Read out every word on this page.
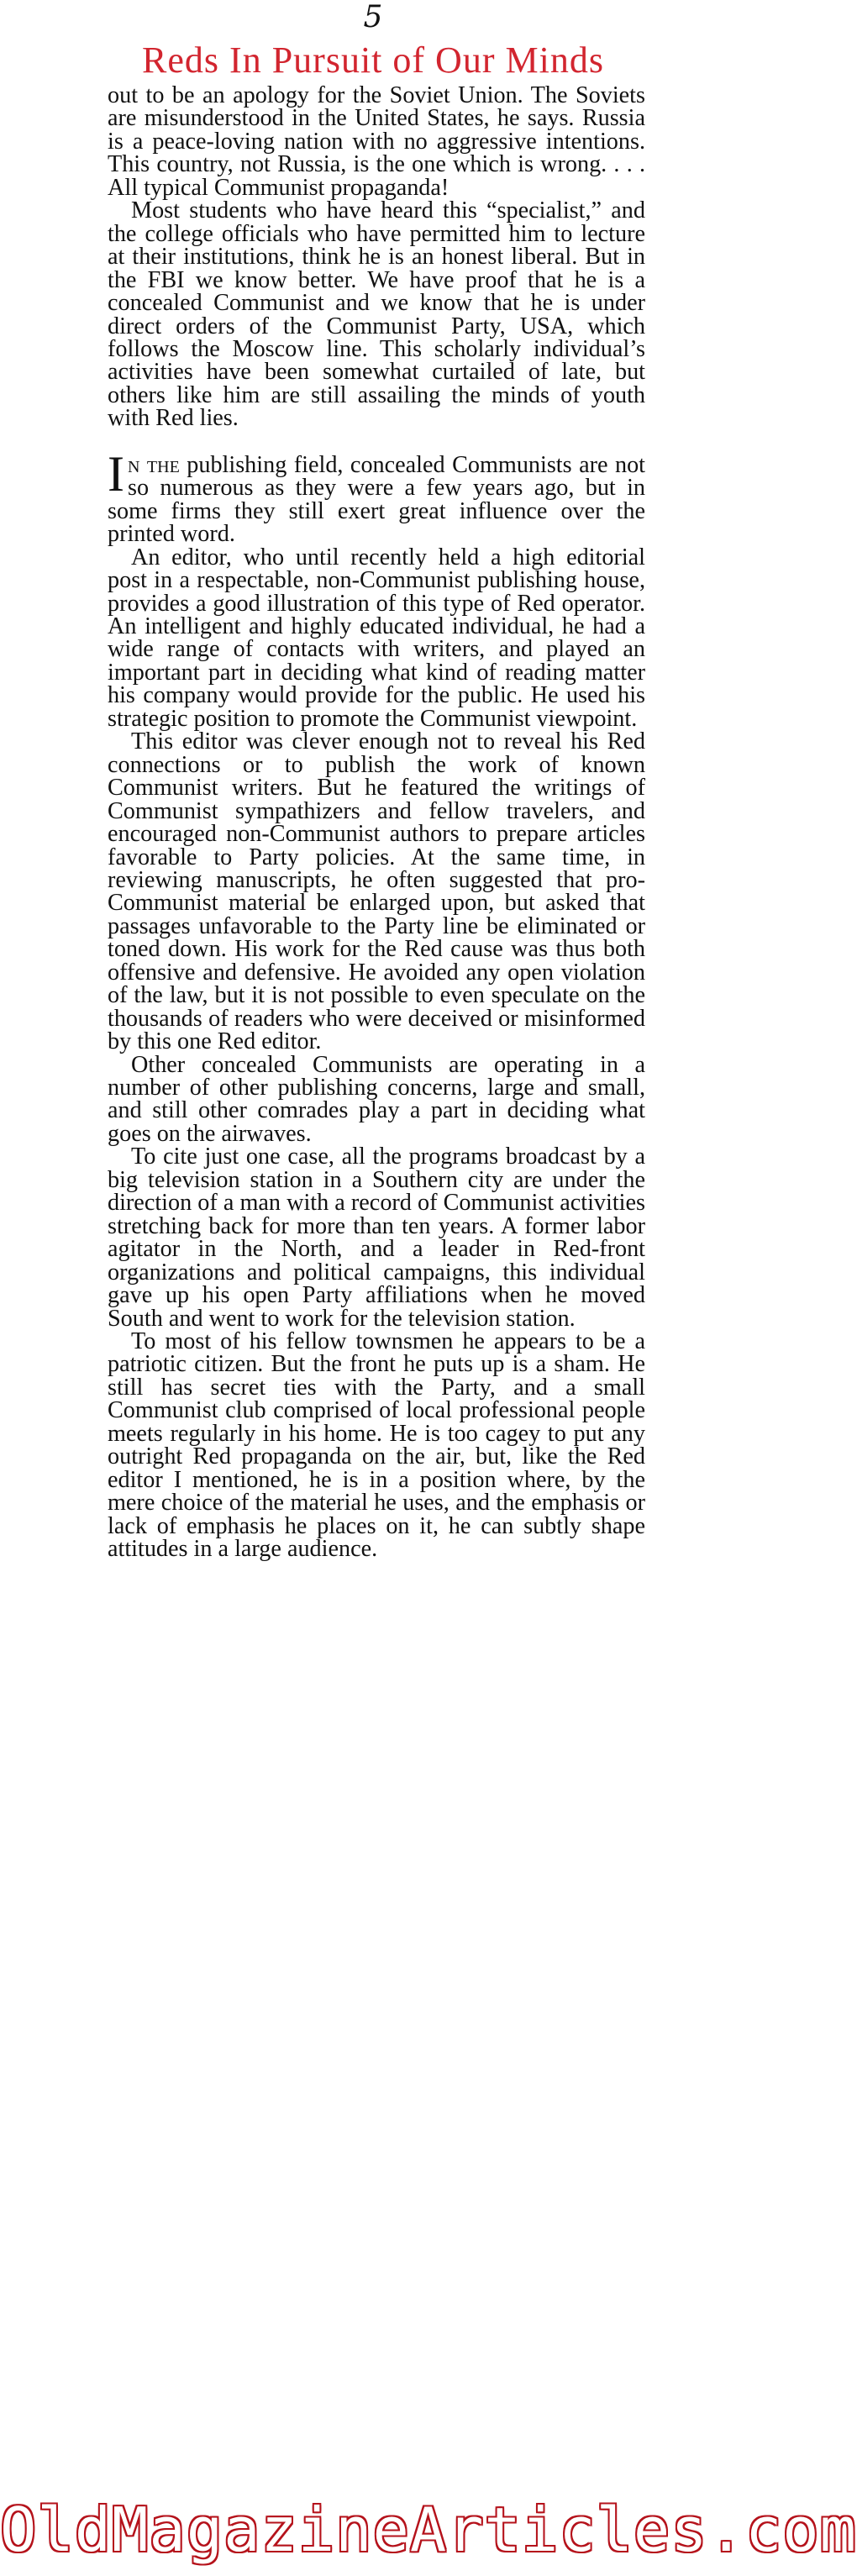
5
Reds In Pursuit of Our Minds

out to be an apology for the Soviet Union. The Soviets are misunderstood in the United States, he says. Russia is a peace-loving nation with no aggressive intentions. This country, not Russia, is the one which is wrong. . . . All typical Communist propaganda!

Most students who have heard this “specialist,” and the college officials who have permitted him to lecture at their institutions, think he is an honest liberal. But in the FBI we know better. We have proof that he is a concealed Communist and we know that he is under direct orders of the Communist Party, USA, which follows the Moscow line. This scholarly individual’s activities have been somewhat curtailed of late, but others like him are still assailing the minds of youth with Red lies.

In the publishing field, concealed Communists are not so numerous as they were a few years ago, but in some firms they still exert great influence over the printed word.

An editor, who until recently held a high editorial post in a respectable, non-Communist publishing house, provides a good illustration of this type of Red operator. An intelligent and highly educated individual, he had a wide range of contacts with writers, and played an important part in deciding what kind of reading matter his company would provide for the public. He used his strategic position to promote the Communist viewpoint.

This editor was clever enough not to reveal his Red connections or to publish the work of known Communist writers. But he featured the writings of Communist sympathizers and fellow travelers, and encouraged non-Communist authors to prepare articles favorable to Party policies. At the same time, in reviewing manuscripts, he often suggested that pro-Communist material be enlarged upon, but asked that passages unfavorable to the Party line be eliminated or toned down. His work for the Red cause was thus both offensive and defensive. He avoided any open violation of the law, but it is not possible to even speculate on the thousands of readers who were deceived or misinformed by this one Red editor.

Other concealed Communists are operating in a number of other publishing concerns, large and small, and still other comrades play a part in deciding what goes on the airwaves.

To cite just one case, all the programs broadcast by a big television station in a Southern city are under the direction of a man with a record of Communist activities stretching back for more than ten years. A former labor agitator in the North, and a leader in Red-front organizations and political campaigns, this individual gave up his open Party affiliations when he moved South and went to work for the television station.

To most of his fellow townsmen he appears to be a patriotic citizen. But the front he puts up is a sham. He still has secret ties with the Party, and a small Communist club comprised of local professional people meets regularly in his home. He is too cagey to put any outright Red propaganda on the air, but, like the Red editor I mentioned, he is in a position where, by the mere choice of the material he uses, and the emphasis or lack of emphasis he places on it, he can subtly shape attitudes in a large audience.

OldMagazineArticles.com
